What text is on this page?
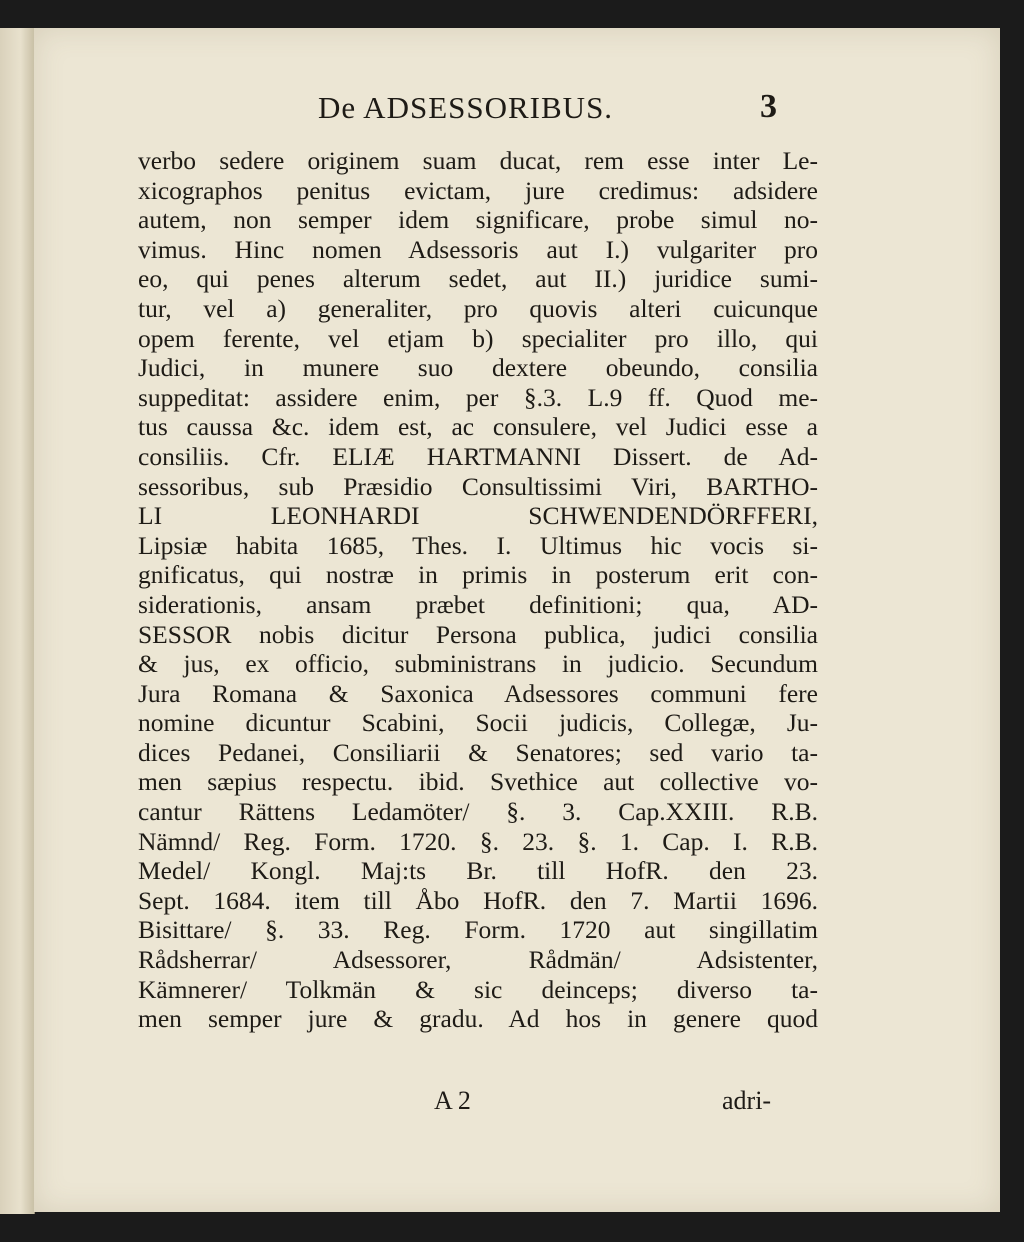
De ADSESSORIBUS.	3
verbo sedere originem suam ducat, rem esse inter Le-
xicographos penitus evictam, jure credimus: adsidere
autem, non semper idem significare, probe simul no-
vimus. Hinc nomen Adsessoris aut I.) vulgariter pro
eo, qui penes alterum sedet, aut II.) juridice sumi-
tur, vel a) generaliter, pro quovis alteri cuicunque
opem ferente, vel etjam b) specialiter pro illo, qui
Judici, in munere suo dextere obeundo, consilia
suppeditat: assidere enim, per §.3. L.9 ff. Quod me-
tus caussa &c. idem est, ac consulere, vel Judici esse a
consiliis. Cfr. ELIÆ HARTMANNI Dissert. de Ad-
sessoribus, sub Præsidio Consultissimi Viri, BARTHO-
LI LEONHARDI SCHWENDENDÖRFFERI,
Lipsiæ habita 1685, Thes. I. Ultimus hic vocis si-
gnificatus, qui nostræ in primis in posterum erit con-
siderationis, ansam præbet definitioni; qua, AD-
SESSOR nobis dicitur Persona publica, judici consilia
& jus, ex officio, subministrans in judicio. Secundum
Jura Romana & Saxonica Adsessores communi fere
nomine dicuntur Scabini, Socii judicis, Collegæ, Ju-
dices Pedanei, Consiliarii & Senatores; sed vario ta-
men sæpius respectu. ibid. Svethice aut collective vo-
cantur Rättens Ledamöter/ §. 3. Cap.XXIII. R.B.
Nämnd/ Reg. Form. 1720. §. 23. §. 1. Cap. I. R.B.
Medel/ Kongl. Maj:ts Br. till HofR. den 23.
Sept. 1684. item till Åbo HofR. den 7. Martii 1696.
Bisittare/ §. 33. Reg. Form. 1720 aut singillatim
Rådsherrar/ Adsessorer, Rådmän/ Adsistenter,
Kämnerer/ Tolkmän & sic deinceps; diverso ta-
men semper jure & gradu. Ad hos in genere quod
A 2	adri-
